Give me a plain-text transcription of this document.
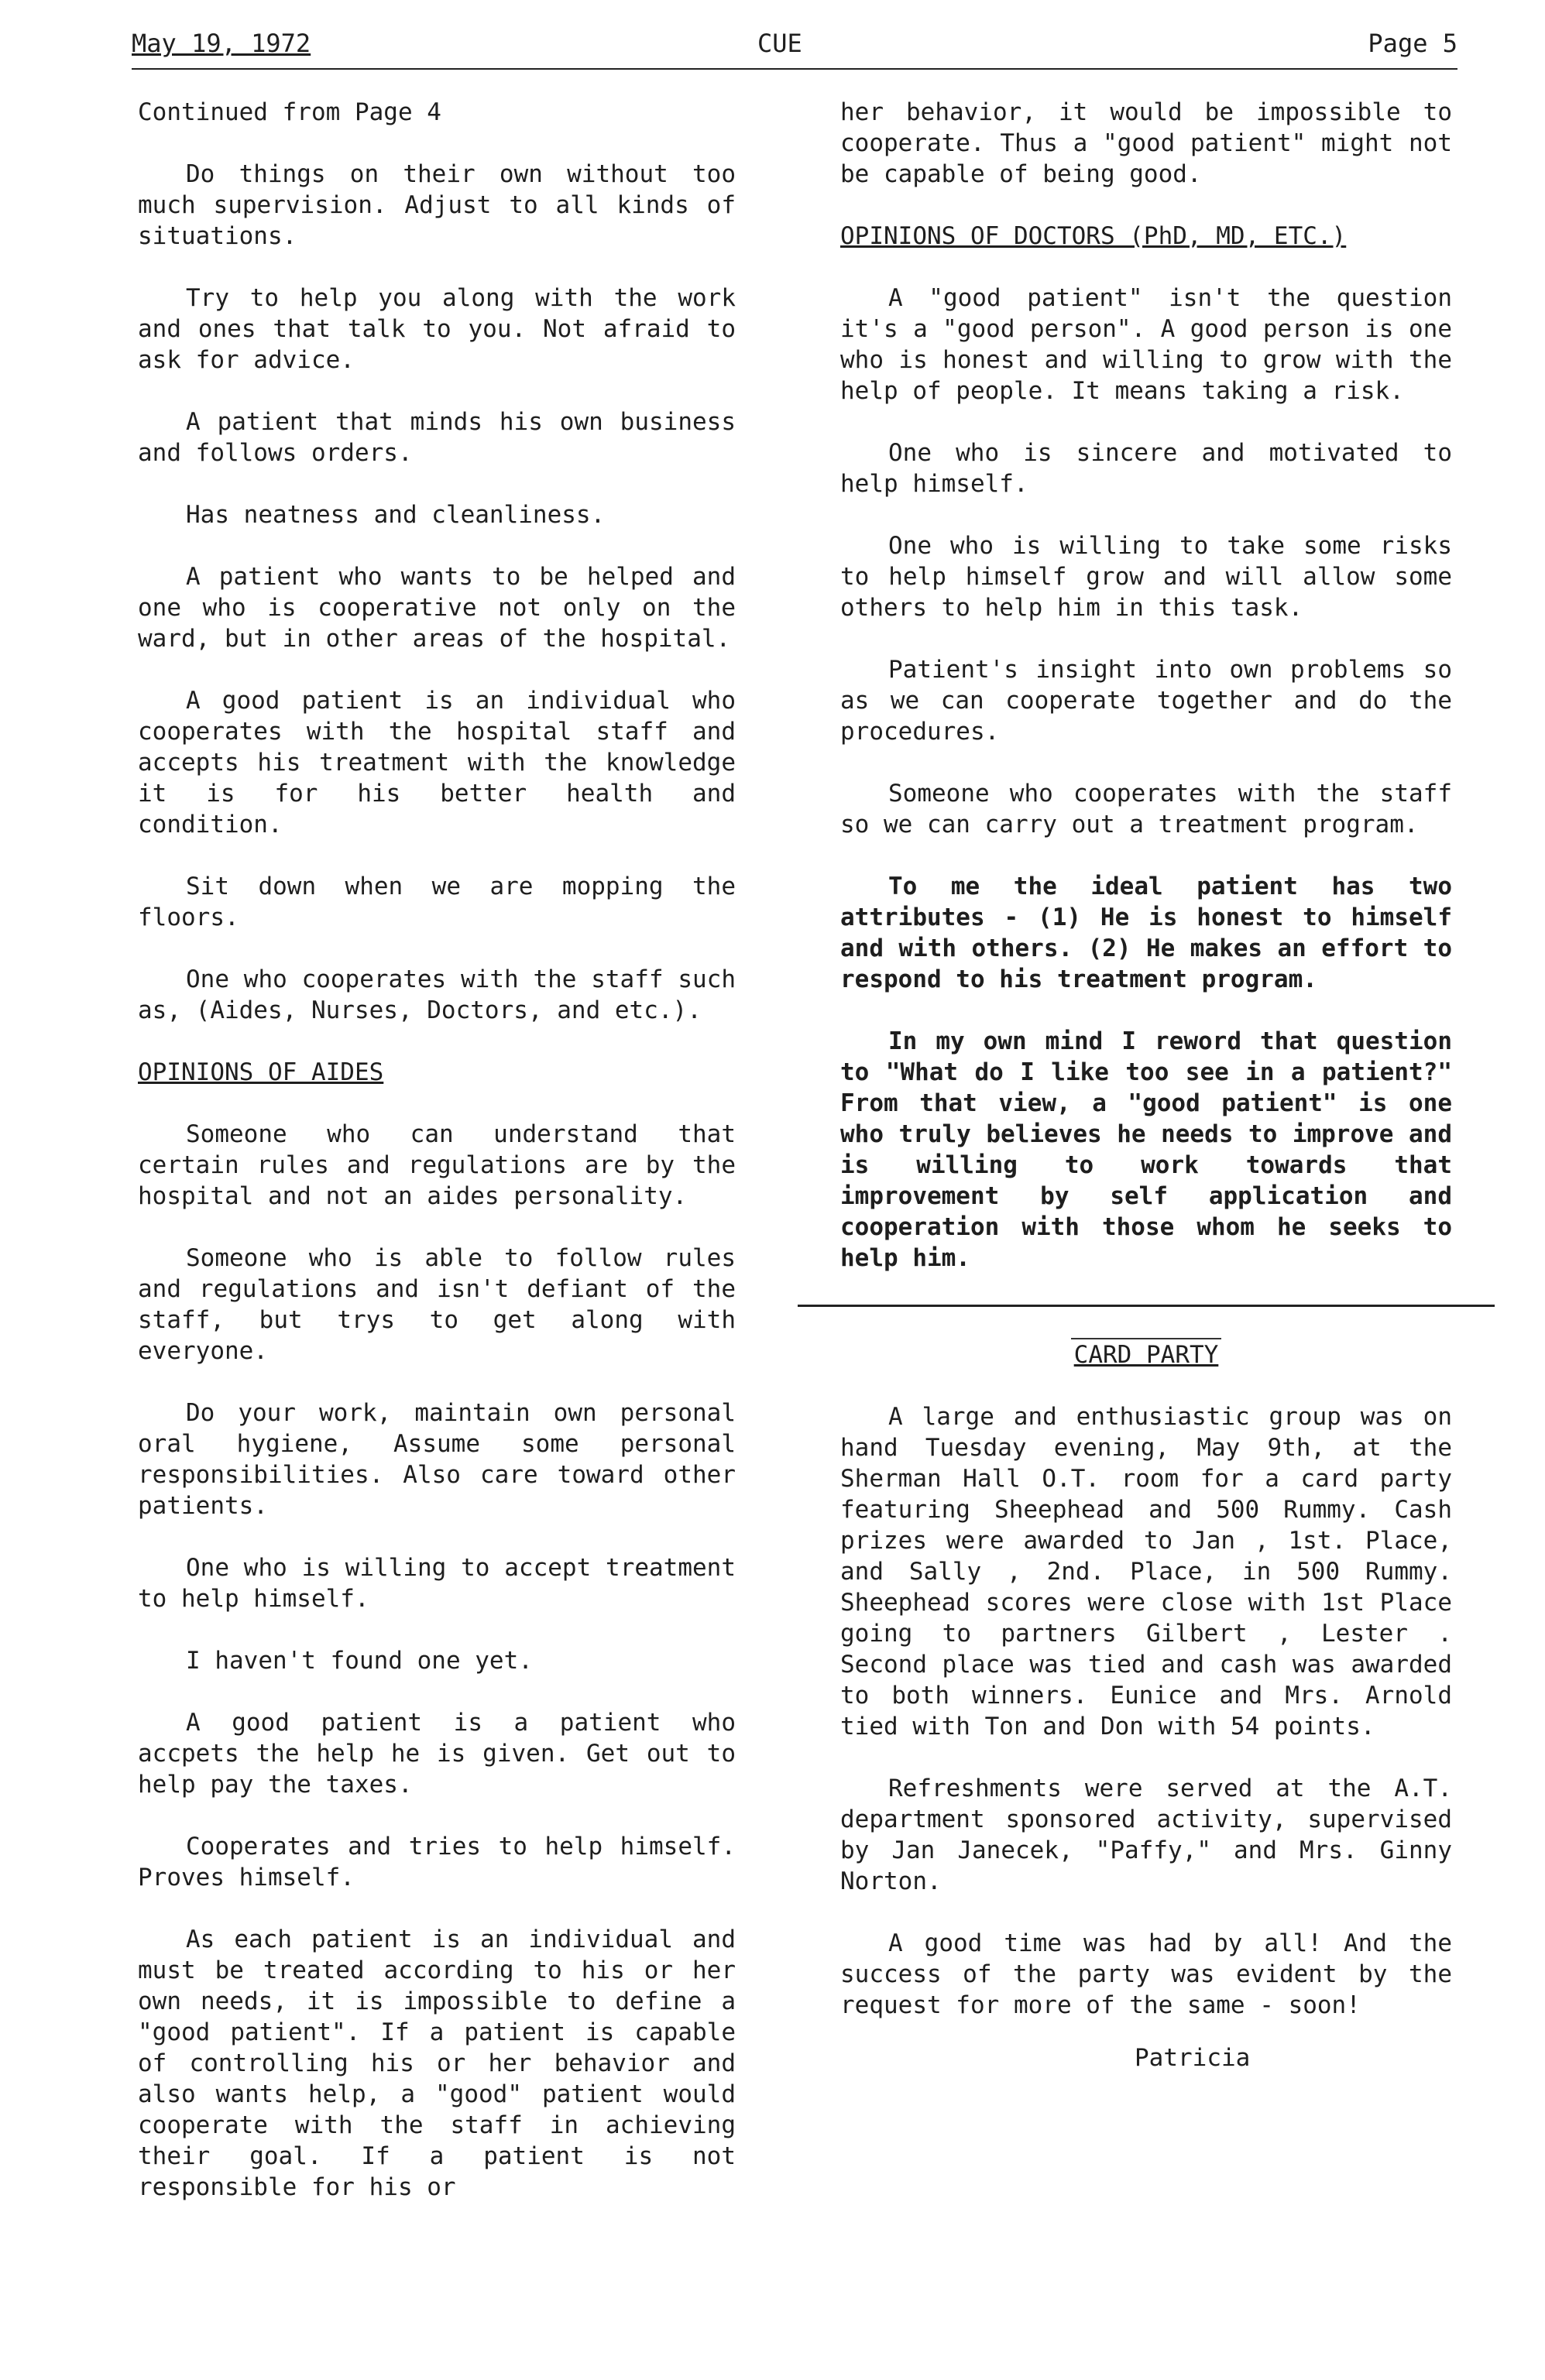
May 19, 1972	CUE	Page 5
Continued from Page 4

Do things on their own without too much supervision. Adjust to all kinds of situations.

Try to help you along with the work and ones that talk to you. Not afraid to ask for advice.

A patient that minds his own business and follows orders.

Has neatness and cleanliness.

A patient who wants to be helped and one who is cooperative not only on the ward, but in other areas of the hospital.

A good patient is an individual who cooperates with the hospital staff and accepts his treatment with the knowledge it is for his better health and condition.

Sit down when we are mopping the floors.

One who cooperates with the staff such as, (Aides, Nurses, Doctors, and etc.).

OPINIONS OF AIDES

Someone who can understand that certain rules and regulations are by the hospital and not an aides personality.

Someone who is able to follow rules and regulations and isn't defiant of the staff, but trys to get along with everyone.

Do your work, maintain own personal oral hygiene, Assume some personal responsibilities. Also care toward other patients.

One who is willing to accept treatment to help himself.

I haven't found one yet.

A good patient is a patient who accpets the help he is given. Get out to help pay the taxes.

Cooperates and tries to help himself. Proves himself.

As each patient is an individual and must be treated according to his or her own needs, it is impossible to define a "good patient". If a patient is capable of controlling his or her behavior and also wants help, a "good" patient would cooperate with the staff in achieving their goal. If a patient is not responsible for his or

her behavior, it would be impossible to cooperate. Thus a "good patient" might not be capable of being good.

OPINIONS OF DOCTORS (PhD, MD, ETC.)

A "good patient" isn't the question it's a "good person". A good person is one who is honest and willing to grow with the help of people. It means taking a risk.

One who is sincere and motivated to help himself.

One who is willing to take some risks to help himself grow and will allow some others to help him in this task.

Patient's insight into own problems so as we can cooperate together and do the procedures.

Someone who cooperates with the staff so we can carry out a treatment program.

To me the ideal patient has two attributes - (1) He is honest to himself and with others. (2) He makes an effort to respond to his treatment program.

In my own mind I reword that question to "What do I like too see in a patient?" From that view, a "good patient" is one who truly believes he needs to improve and is willing to work towards that improvement by self application and cooperation with those whom he seeks to help him.

CARD PARTY

A large and enthusiastic group was on hand Tuesday evening, May 9th, at the Sherman Hall O.T. room for a card party featuring Sheephead and 500 Rummy. Cash prizes were awarded to Jan , 1st. Place, and Sally , 2nd. Place, in 500 Rummy. Sheephead scores were close with 1st Place going to partners Gilbert , Lester . Second place was tied and cash was awarded to both winners. Eunice and Mrs. Arnold tied with Ton and Don with 54 points.

Refreshments were served at the A.T. department sponsored activity, supervised by Jan Janecek, "Paffy," and Mrs. Ginny Norton.

A good time was had by all! And the success of the party was evident by the request for more of the same - soon!

Patricia
